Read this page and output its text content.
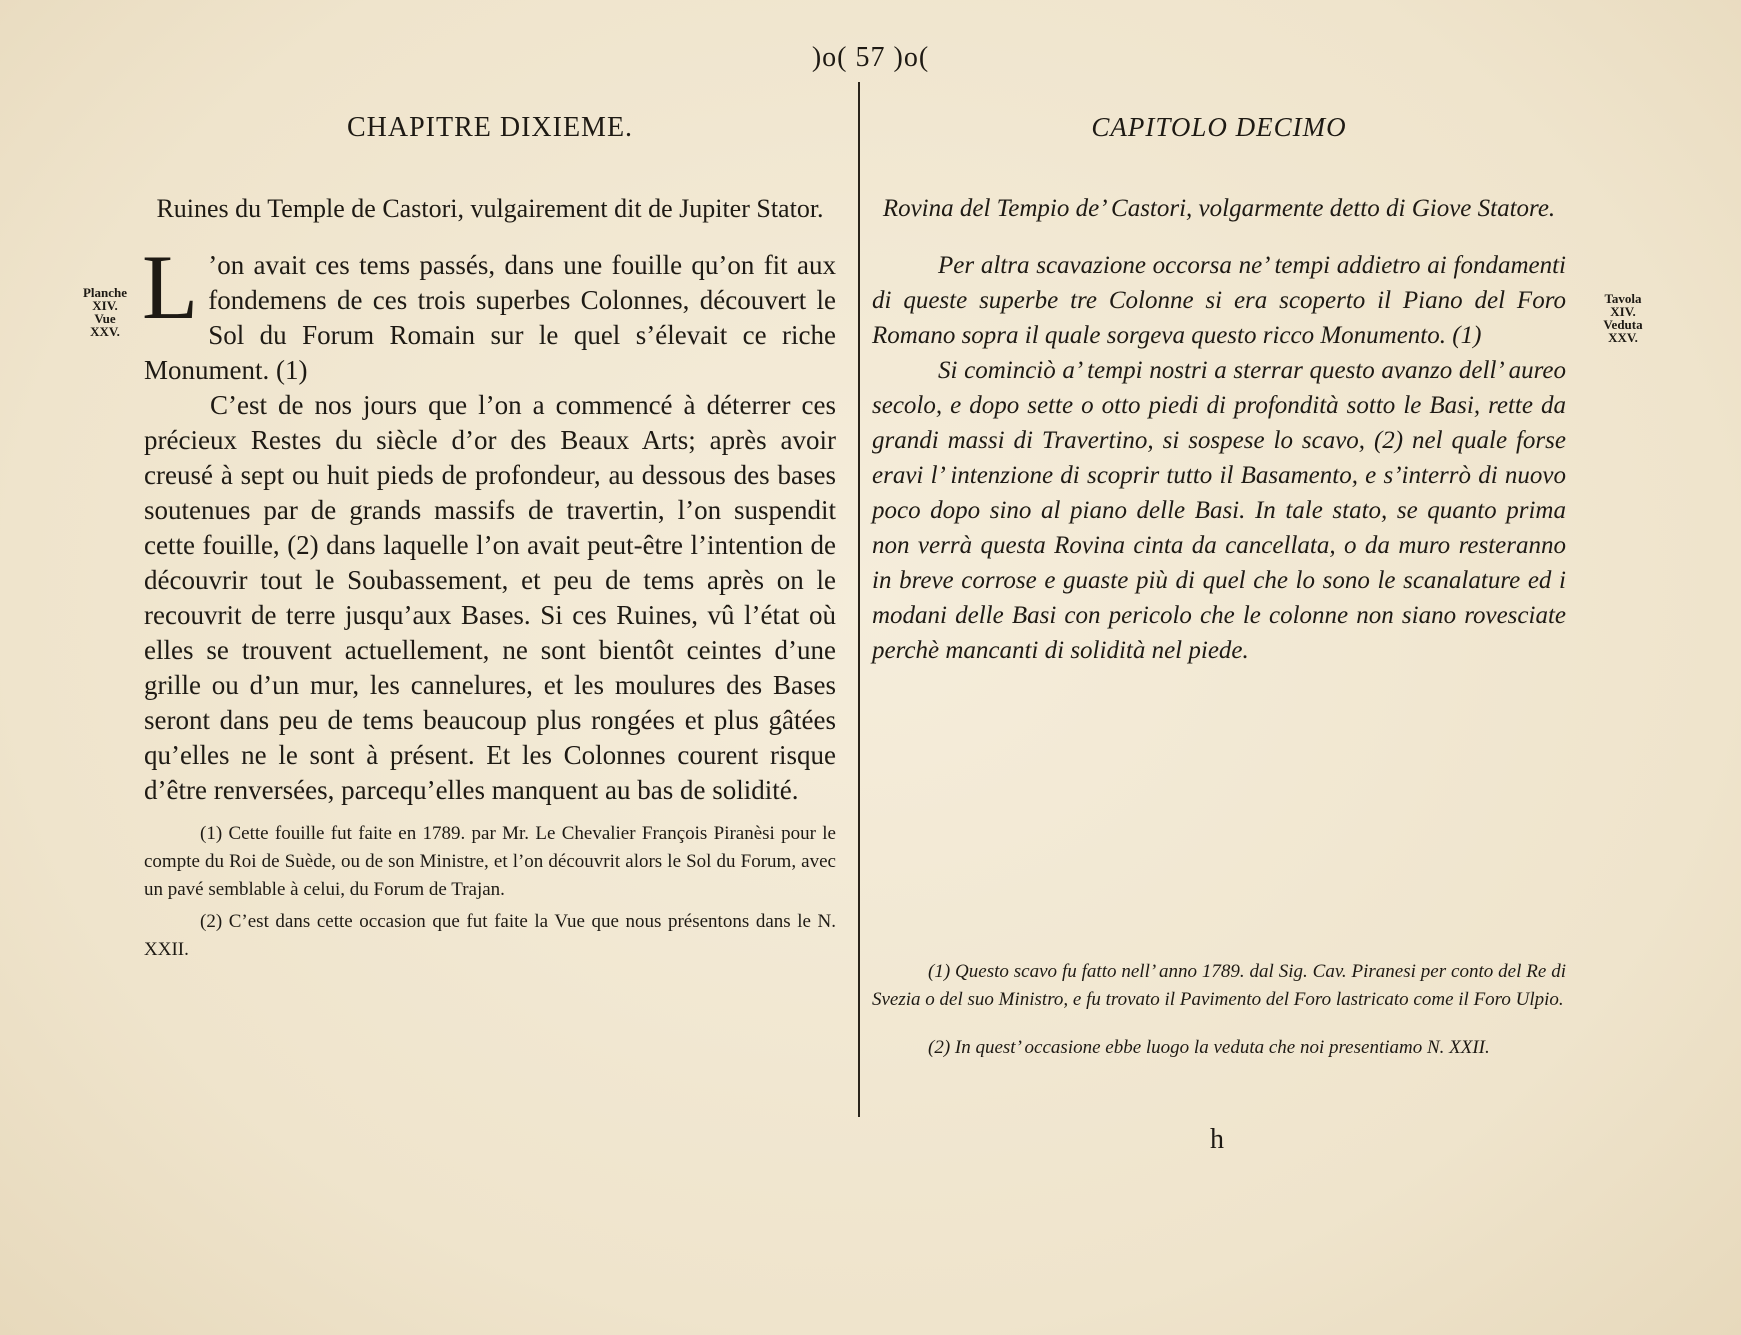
)o( 57 )o(
CHAPITRE DIXIEME.
Ruines du Temple de Castori, vulgairement dit de Jupiter Stator.

L ’on avait ces tems passés, dans une fouille qu’on fit aux fondemens de ces trois superbes Colonnes, découvert le Sol du Forum Romain sur le quel s’élevait ce riche Monument. (1)

C’est de nos jours que l’on a commencé à déterrer ces précieux Restes du siècle d’or des Beaux Arts; après avoir creusé à sept ou huit pieds de profondeur, au dessous des bases soutenues par de grands massifs de travertin, l’on suspendit cette fouille, (2) dans laquelle l’on avait peut-être l’intention de découvrir tout le Soubassement, et peu de tems après on le recouvrit de terre jusqu’aux Bases. Si ces Ruines, vû l’état où elles se trouvent actuellement, ne sont bientôt ceintes d’une grille ou d’un mur, les cannelures, et les moulures des Bases seront dans peu de tems beaucoup plus rongées et plus gâtées qu’elles ne le sont à présent. Et les Colonnes courent risque d’être renversées, parcequ’elles manquent au bas de solidité.

(1) Cette fouille fut faite en 1789. par Mr. Le Chevalier François Piranèsi pour le compte du Roi de Suède, ou de son Ministre, et l’on découvrit alors le Sol du Forum, avec un pavé semblable à celui, du Forum de Trajan.

(2) C’est dans cette occasion que fut faite la Vue que nous présentons dans le N. XXII.

CAPITOLO DECIMO
Rovina del Tempio de’ Castori, volgarmente detto di Giove Statore.

Per altra scavazione occorsa ne’ tempi addietro ai fondamenti di queste superbe tre Colonne si era scoperto il Piano del Foro Romano sopra il quale sorgeva questo ricco Monumento. (1)

Si cominciò a’ tempi nostri a sterrar questo avanzo dell’ aureo secolo, e dopo sette o otto piedi di profondità sotto le Basi, rette da grandi massi di Travertino, si sospese lo scavo, (2) nel quale forse eravi l’ intenzione di scoprir tutto il Basamento, e s’interrò di nuovo poco dopo sino al piano delle Basi. In tale stato, se quanto prima non verrà questa Rovina cinta da cancellata, o da muro resteranno in breve corrose e guaste più di quel che lo sono le scanalature ed i modani delle Basi con pericolo che le colonne non siano rovesciate perchè mancanti di solidità nel piede.

(1) Questo scavo fu fatto nell’ anno 1789. dal Sig. Cav. Piranesi per conto del Re di Svezia o del suo Ministro, e fu trovato il Pavimento del Foro lastricato come il Foro Ulpio.

(2) In quest’ occasione ebbe luogo la veduta che noi presentiamo N. XXII.

Planche
XIV.
Vue
XXV.
Tavola
XIV.
Veduta
XXV.
h
